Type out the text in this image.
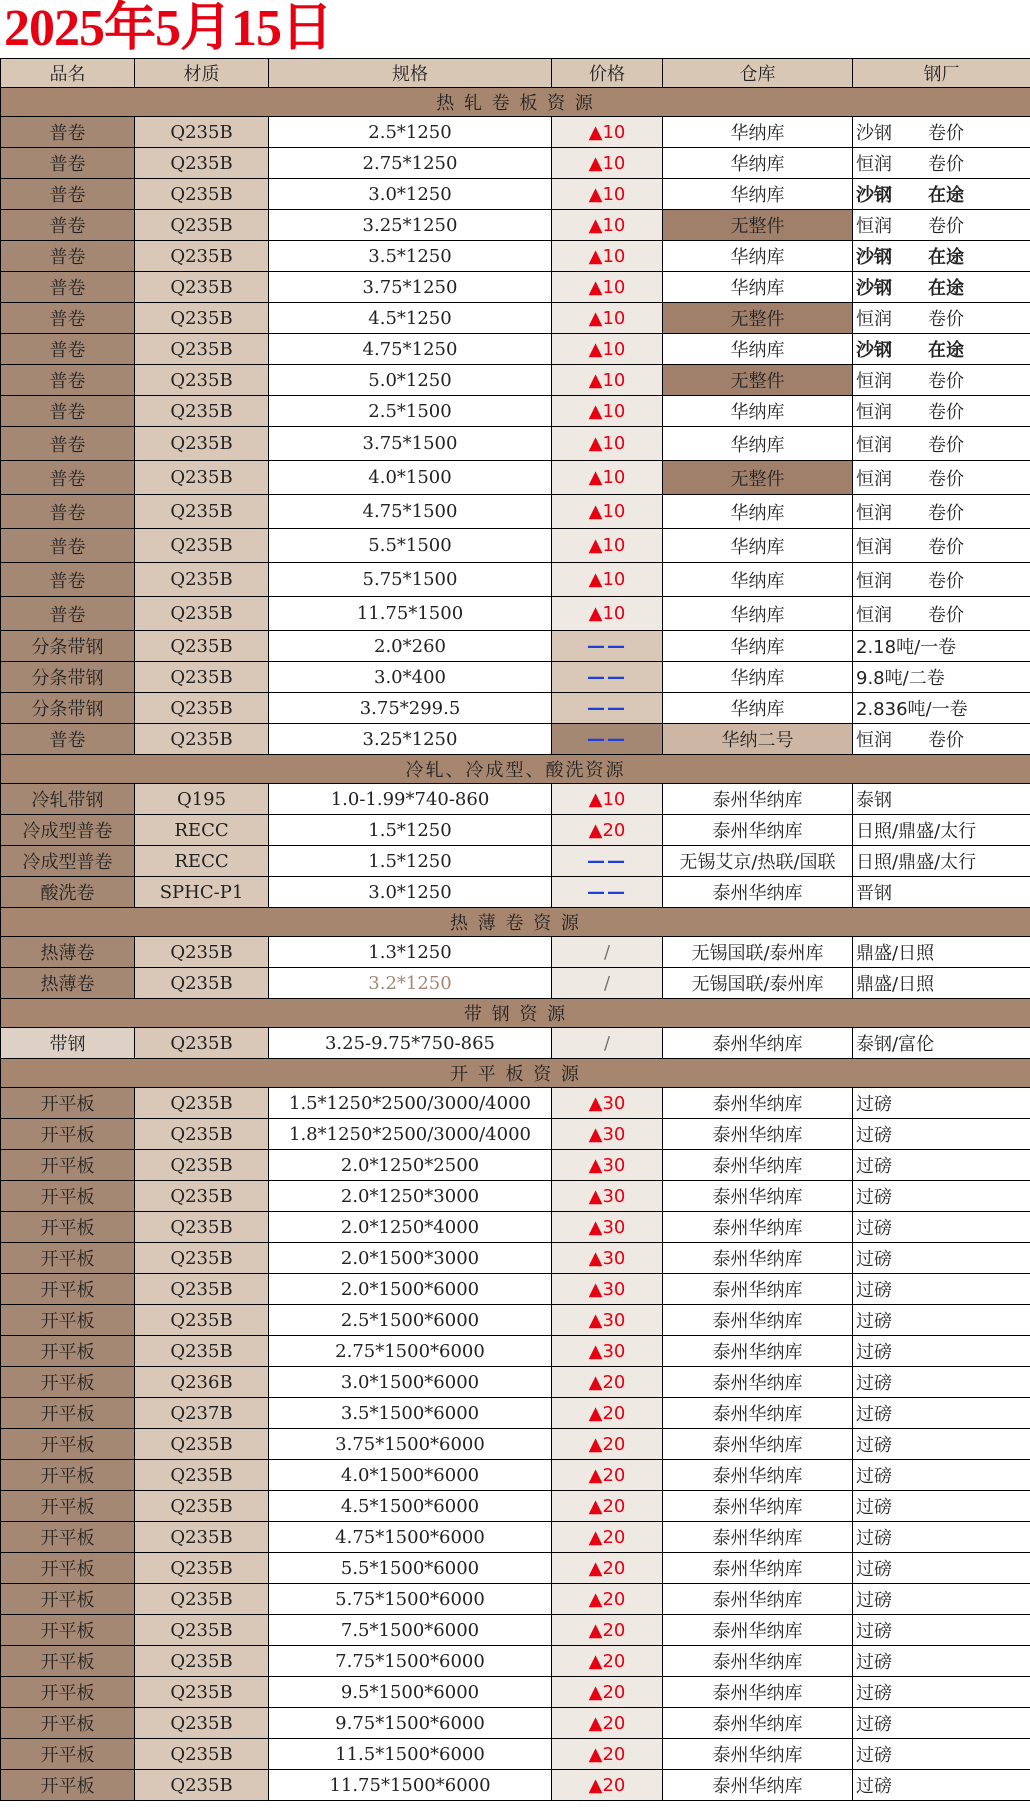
2025年5月15日
品名	材质	规格	价格	仓库	钢厂
热 轧 卷 板 资 源					
普卷	Q235B	2.5*1250	▲10	华纳库	沙钢　　卷价
普卷	Q235B	2.75*1250	▲10	华纳库	恒润　　卷价
普卷	Q235B	3.0*1250	▲10	华纳库	沙钢　　在途
普卷	Q235B	3.25*1250	▲10	无整件	恒润　　卷价
普卷	Q235B	3.5*1250	▲10	华纳库	沙钢　　在途
普卷	Q235B	3.75*1250	▲10	华纳库	沙钢　　在途
普卷	Q235B	4.5*1250	▲10	无整件	恒润　　卷价
普卷	Q235B	4.75*1250	▲10	华纳库	沙钢　　在途
普卷	Q235B	5.0*1250	▲10	无整件	恒润　　卷价
普卷	Q235B	2.5*1500	▲10	华纳库	恒润　　卷价
普卷	Q235B	3.75*1500	▲10	华纳库	恒润　　卷价
普卷	Q235B	4.0*1500	▲10	无整件	恒润　　卷价
普卷	Q235B	4.75*1500	▲10	华纳库	恒润　　卷价
普卷	Q235B	5.5*1500	▲10	华纳库	恒润　　卷价
普卷	Q235B	5.75*1500	▲10	华纳库	恒润　　卷价
普卷	Q235B	11.75*1500	▲10	华纳库	恒润　　卷价
分条带钢	Q235B	2.0*260	——	华纳库	2.18吨/一卷
分条带钢	Q235B	3.0*400	——	华纳库	9.8吨/二卷
分条带钢	Q235B	3.75*299.5	——	华纳库	2.836吨/一卷
普卷	Q235B	3.25*1250	——	华纳二号	恒润　　卷价
冷轧、冷成型、酸洗资源					
冷轧带钢	Q195	1.0-1.99*740-860	▲10	泰州华纳库	泰钢
冷成型普卷	RECC	1.5*1250	▲20	泰州华纳库	日照/鼎盛/太行
冷成型普卷	RECC	1.5*1250	——	无锡艾京/热联/国联	日照/鼎盛/太行
酸洗卷	SPHC-P1	3.0*1250	——	泰州华纳库	晋钢
热 薄 卷 资 源					
热薄卷	Q235B	1.3*1250	/	无锡国联/泰州库	鼎盛/日照
热薄卷	Q235B	3.2*1250	/	无锡国联/泰州库	鼎盛/日照
带 钢 资 源					
带钢	Q235B	3.25-9.75*750-865	/	泰州华纳库	泰钢/富伦
开 平 板 资 源					
开平板	Q235B	1.5*1250*2500/3000/4000	▲30	泰州华纳库	过磅
开平板	Q235B	1.8*1250*2500/3000/4000	▲30	泰州华纳库	过磅
开平板	Q235B	2.0*1250*2500	▲30	泰州华纳库	过磅
开平板	Q235B	2.0*1250*3000	▲30	泰州华纳库	过磅
开平板	Q235B	2.0*1250*4000	▲30	泰州华纳库	过磅
开平板	Q235B	2.0*1500*3000	▲30	泰州华纳库	过磅
开平板	Q235B	2.0*1500*6000	▲30	泰州华纳库	过磅
开平板	Q235B	2.5*1500*6000	▲30	泰州华纳库	过磅
开平板	Q235B	2.75*1500*6000	▲30	泰州华纳库	过磅
开平板	Q236B	3.0*1500*6000	▲20	泰州华纳库	过磅
开平板	Q237B	3.5*1500*6000	▲20	泰州华纳库	过磅
开平板	Q235B	3.75*1500*6000	▲20	泰州华纳库	过磅
开平板	Q235B	4.0*1500*6000	▲20	泰州华纳库	过磅
开平板	Q235B	4.5*1500*6000	▲20	泰州华纳库	过磅
开平板	Q235B	4.75*1500*6000	▲20	泰州华纳库	过磅
开平板	Q235B	5.5*1500*6000	▲20	泰州华纳库	过磅
开平板	Q235B	5.75*1500*6000	▲20	泰州华纳库	过磅
开平板	Q235B	7.5*1500*6000	▲20	泰州华纳库	过磅
开平板	Q235B	7.75*1500*6000	▲20	泰州华纳库	过磅
开平板	Q235B	9.5*1500*6000	▲20	泰州华纳库	过磅
开平板	Q235B	9.75*1500*6000	▲20	泰州华纳库	过磅
开平板	Q235B	11.5*1500*6000	▲20	泰州华纳库	过磅
开平板	Q235B	11.75*1500*6000	▲20	泰州华纳库	过磅
